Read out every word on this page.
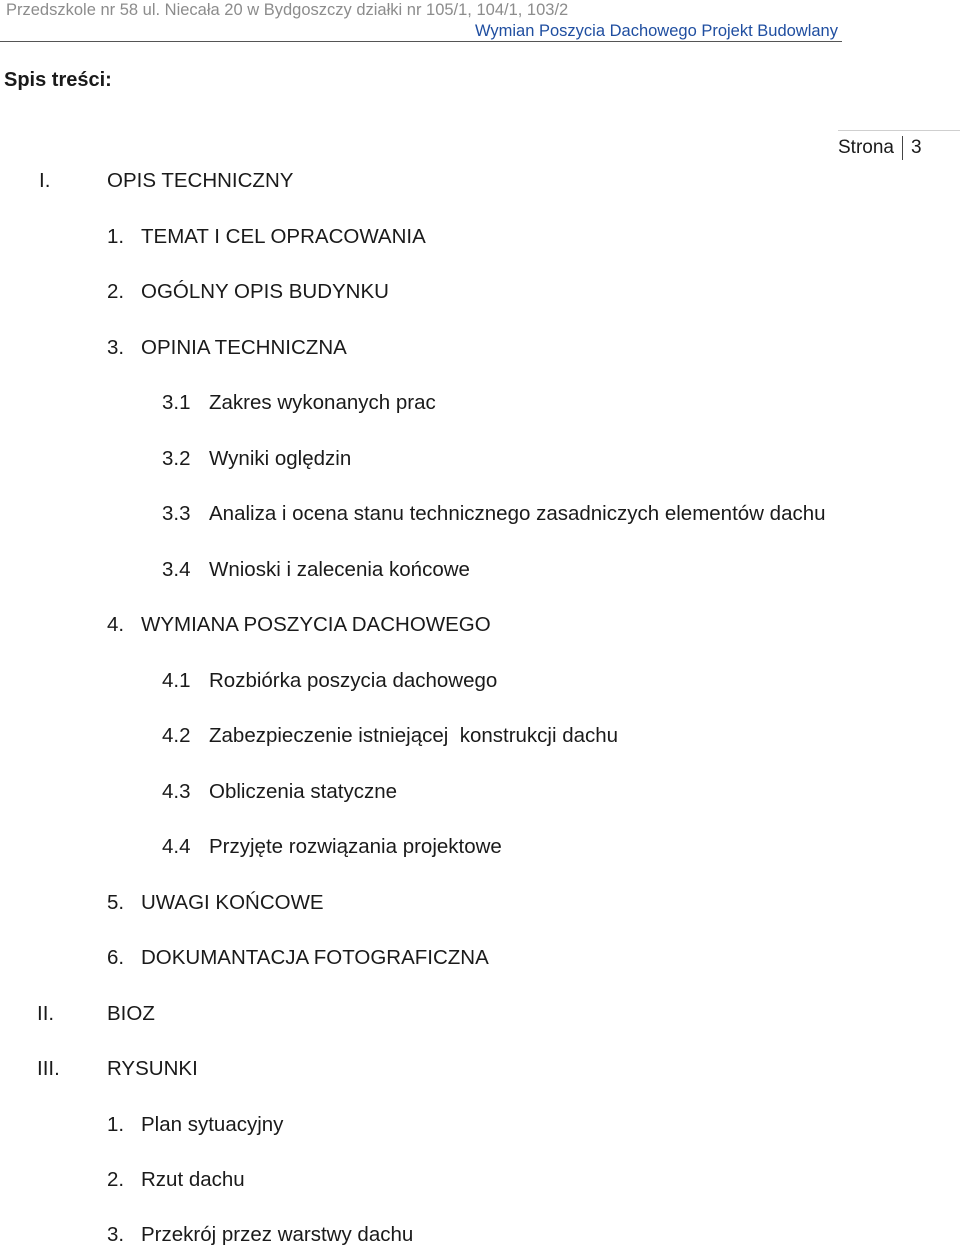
Przedszkole nr 58 ul. Niecała 20 w Bydgoszczy działki nr 105/1, 104/1, 103/2
Wymian Poszycia Dachowego Projekt Budowlany
Spis treści:
Strona 3
I.	OPIS TECHNICZNY
1. TEMAT I CEL OPRACOWANIA
2. OGÓLNY OPIS BUDYNKU
3. OPINIA TECHNICZNA
3.1 Zakres wykonanych prac
3.2 Wyniki oględzin
3.3 Analiza i ocena stanu technicznego zasadniczych elementów dachu
3.4 Wnioski i zalecenia końcowe
4. WYMIANA POSZYCIA DACHOWEGO
4.1 Rozbiórka poszycia dachowego
4.2 Zabezpieczenie istniejącej  konstrukcji dachu
4.3 Obliczenia statyczne
4.4 Przyjęte rozwiązania projektowe
5. UWAGI KOŃCOWE
6. DOKUMANTACJA FOTOGRAFICZNA
II.	BIOZ
III. RYSUNKI
1. Plan sytuacyjny
2. Rzut dachu
3. Przekrój przez warstwy dachu
